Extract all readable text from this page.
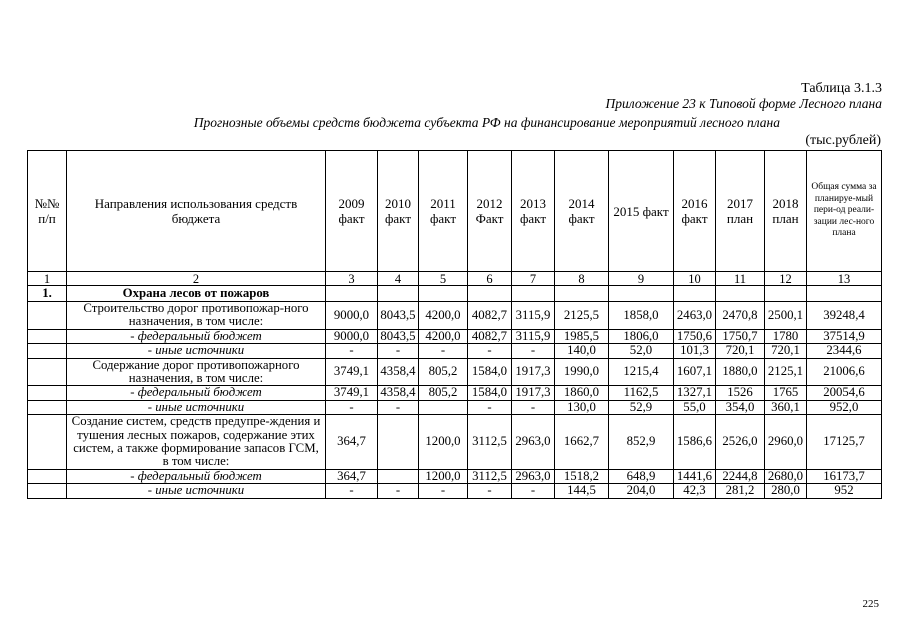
Таблица 3.1.3
Приложение 23 к Типовой форме Лесного плана
Прогнозные объемы средств бюджета субъекта РФ на финансирование мероприятий лесного плана
(тыс.рублей)
№№ п/п	Направления использования средств бюджета	2009 факт	2010 факт	2011 факт	2012 Факт	2013 факт	2014 факт	2015 факт	2016 факт	2017 план	2018 план	Общая сумма за планируе-мый пери-од реали-зации лес-ного плана
1	2	3	4	5	6	7	8	9	10	11	12	13
1.	Охрана лесов от пожаров											
	Строительство дорог противопожар-ного назначения, в том числе:	9000,0	8043,5	4200,0	4082,7	3115,9	2125,5	1858,0	2463,0	2470,8	2500,1	39248,4
	- федеральный бюджет	9000,0	8043,5	4200,0	4082,7	3115,9	1985,5	1806,0	1750,6	1750,7	1780	37514,9
	- иные источники	-	-	-	-	-	140,0	52,0	101,3	720,1	720,1	2344,6
	Содержание дорог противопожарного назначения, в том числе:	3749,1	4358,4	805,2	1584,0	1917,3	1990,0	1215,4	1607,1	1880,0	2125,1	21006,6
	- федеральный бюджет	3749,1	4358,4	805,2	1584,0	1917,3	1860,0	1162,5	1327,1	1526	1765	20054,6
	- иные источники	-	-		-	-	130,0	52,9	55,0	354,0	360,1	952,0
	Создание систем, средств предупре-ждения и тушения лесных пожаров, содержание этих систем, а также формирование запасов ГСМ, в том числе:	364,7		1200,0	3112,5	2963,0	1662,7	852,9	1586,6	2526,0	2960,0	17125,7
	- федеральный бюджет	364,7		1200,0	3112,5	2963,0	1518,2	648,9	1441,6	2244,8	2680,0	16173,7
	- иные источники	-	-	-	-	-	144,5	204,0	42,3	281,2	280,0	952
225
